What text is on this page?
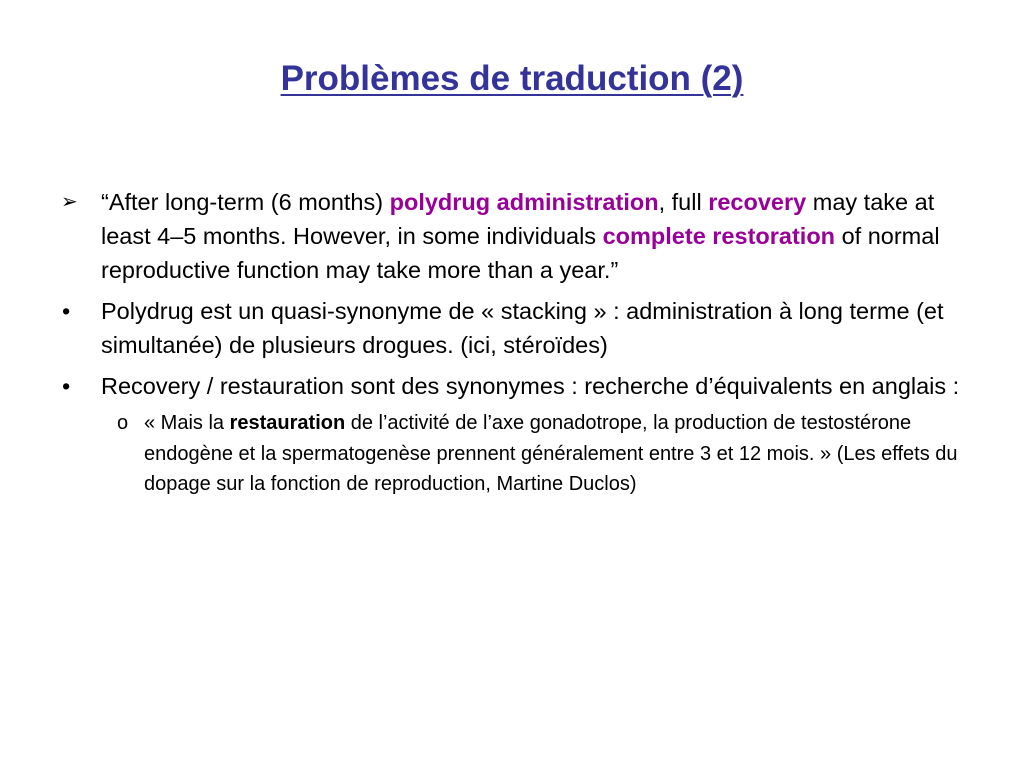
Problèmes de traduction (2)
➢ “After long-term (6 months) polydrug administration, full recovery may take at least 4–5 months. However, in some individuals complete restoration of normal reproductive function may take more than a year.”
•	Polydrug est un quasi-synonyme de « stacking » : administration à long terme (et simultanée) de plusieurs drogues. (ici, stéroïdes)
•	Recovery / restauration sont des synonymes : recherche d’équivalents en anglais :
o « Mais la restauration de l’activité de l’axe gonadotrope, la production de testostérone endogène et la spermatogenèse prennent généralement entre 3 et 12 mois. » (Les effets du dopage sur la fonction de reproduction, Martine Duclos)
